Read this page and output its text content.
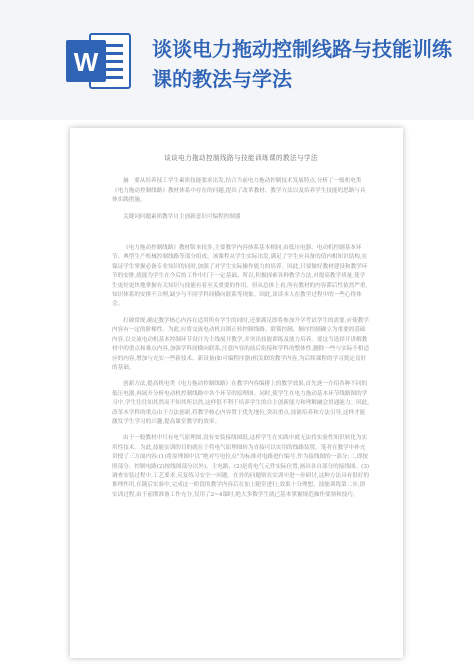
W	谈谈电力拖动控制线路与技能训练课的教法与学法
谈谈电力拖动控制线路与技能训练课的教法与学法

摘　要从培养技工学生素质技能要求出发,结合当前电力拖动控制技术发展特点,分析了一般机电类《电力拖动控制线路》教材体系中存在的问题,提出了改革教材、教学方法以及培养学生技能的思路与具体实践措施。

关键词问题素质教学自主创新意识可编程控制器

《电力拖动控制线路》教材版本较多,主要教学内容体系基本相同,由低压电器、电动机控制基本环节、典型生产机械控制线路等部分组成。该课程从学生实际出发,满足了学生应具备的值内相知识结构,在保证学生掌握必备专业知识的同时,加强了对学生实际操作能力的培养。因此,只要做好教材建设和教学环节的安排,就能为学生在今后的工作中打下一定基础。所以,积极探索各种教学方法,对提高教学质量,使学生更好更快地掌握有关知识与技能有着至关重要的作用。但从总体上看,所有教材的内容滞后性依然严重,知识体系的安排不合理,缺少与不同学科间横向联系等现象。因此,谈谈本人在教学过程中的一些心得体会。

打破常规,确定教学核心内容在适用所有学生的同时,还要满足即将参加升学考试学生的需要,应使教学内容有一定的阶梯性。为此,应将交流电动机自锁正转控制线路、联锁控制、顺序控制确立为重要的基础内容,以交流电动机基本控制环节设计为主线展开教学,并突出技能训练及能力培养。要这当选择开讲解教材中的重点和难点内容,加强学科间横向联系,注意内容的前后衔接和学科的整体性,删除一些与实际不相适应的内容,增加与充实一些新技术、新设备(如可编程序器)相关联的教学内容,为后续课程的学习奠定良好的基础。

创新方法,提高机电类《电力拖动控制线路》在教学内容编排上的教学效果,首先逐一介绍各种不同的低压电器,再展开分析电动机控制线路中各个环节的原理图。同时,使学生在电力拖动基本环节线路图的学习中,学生往往知其然而不知其所以然,这样很不利于培养学生的自主创新能力和理解融会贯通能力。因此,改革本学科的重点由于方法创新,将教学核心内容置于优先地位,突出重点,技能培养和方法引导,这样才能激发学生学习的兴趣,提高课堂教学的效率。

由于一般教材中只有电气原理图,没有安装接线图纸,这样学生在实践中就无法将实验性知识转化为实用性技术。为此,技能实训的目的就在于将电气原理图转为直接可以实用的线路装置。笔者在教学中补充讲授了三方面内容:(1)将原理图中以“绝对写电位点”为标准对电路进行编号,作为接线图的一部分;二,即按照部分、控制电路(2)按线图部分以外)、主电路、(2)是将电气元件实际位置,画出各自部分的接线图。(3)调查安装过程中,工艺要求,反复练习安全一问题。在外的问题则在实训中进一步研讨,这种方法具有很好的推理作用,在随后实验中,完成这一阶段的教学内容后在加上随堂进行,效果十分理想。技能训练第二步,即实训过程,由于前期准备工作充分,仅用了2~4课时,绝大多数学生就已基本掌握规范操作要领和技巧。
